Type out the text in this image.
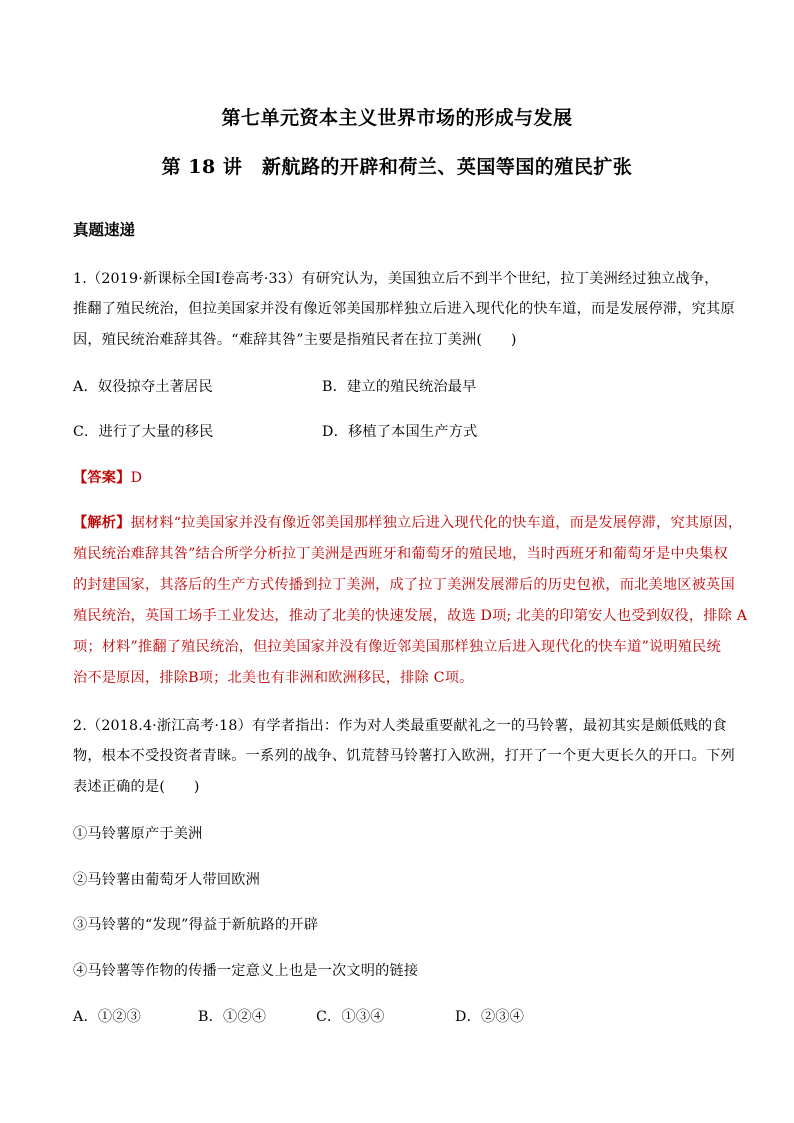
第七单元资本主义世界市场的形成与发展
第 18 讲　新航路的开辟和荷兰、英国等国的殖民扩张
真题速递
1.（2019·新课标全国Ⅰ卷高考·33）有研究认为，美国独立后不到半个世纪，拉丁美洲经过独立战争，
推翻了殖民统治，但拉美国家并没有像近邻美国那样独立后进入现代化的快车道，而是发展停滞，究其原
因，殖民统治难辞其咎。“难辞其咎”主要是指殖民者在拉丁美洲(　　)
A．奴役掠夺土著居民	B．建立的殖民统治最早
C．进行了大量的移民	D．移植了本国生产方式
【答案】D
【解析】据材料“拉美国家并没有像近邻美国那样独立后进入现代化的快车道，而是发展停滞，究其原因，
殖民统治难辞其咎”结合所学分析拉丁美洲是西班牙和葡萄牙的殖民地，当时西班牙和葡萄牙是中央集权
的封建国家，其落后的生产方式传播到拉丁美洲，成了拉丁美洲发展滞后的历史包袱，而北美地区被英国
殖民统治，英国工场手工业发达，推动了北美的快速发展，故选 D项; 北美的印第安人也受到奴役，排除 A
项；材料”推翻了殖民统治，但拉美国家并没有像近邻美国那样独立后进入现代化的快车道”说明殖民统
治不是原因，排除B项；北美也有非洲和欧洲移民，排除 C项。
2.（2018.4·浙江高考·18）有学者指出：作为对人类最重要献礼之一的马铃薯，最初其实是颇低贱的食
物，根本不受投资者青睐。一系列的战争、饥荒替马铃薯打入欧洲，打开了一个更大更长久的开口。下列
表述正确的是(　　)
①马铃薯原产于美洲
②马铃薯由葡萄牙人带回欧洲
③马铃薯的“发现”得益于新航路的开辟
④马铃薯等作物的传播一定意义上也是一次文明的链接
A．①②③	B．①②④	C．①③④	D．②③④
